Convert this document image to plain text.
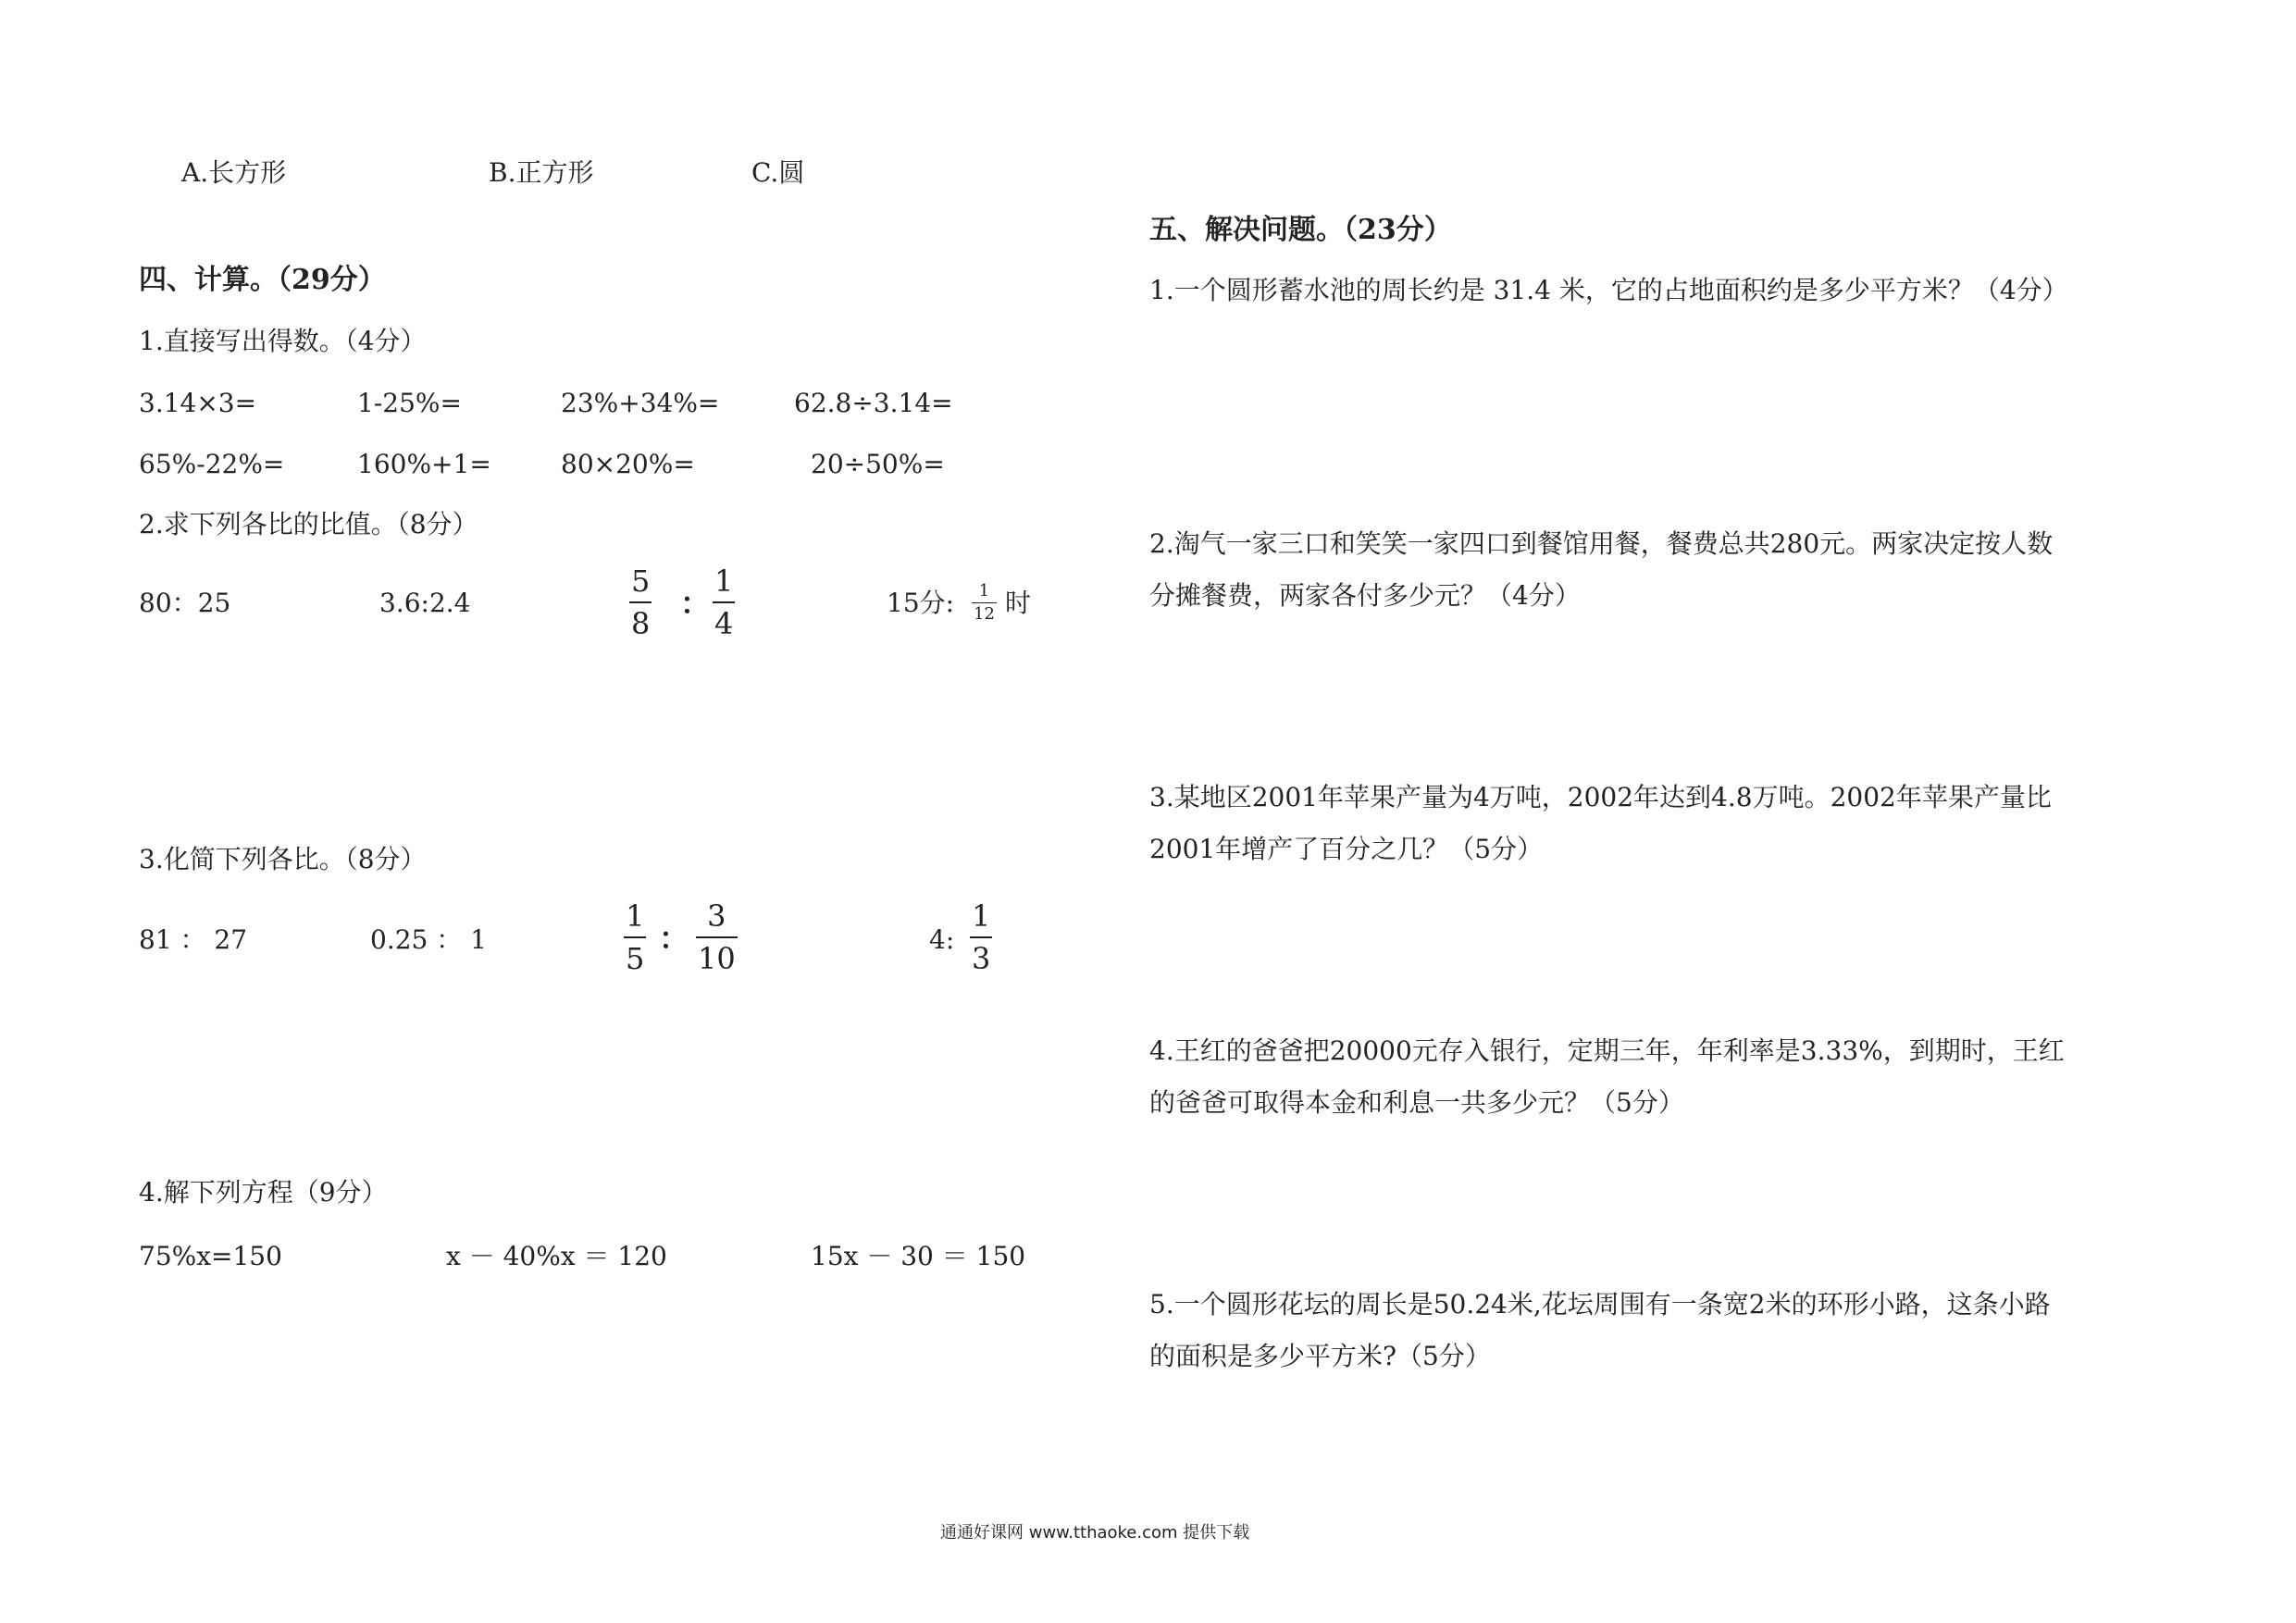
A.长方形	B.正方形	C.圆
四、计算。（29分）
1.直接写出得数。（4分）
3.14×3=	1-25%=	23%+34%=	62.8÷3.14=
65%-22%=	160%+1=	80×20%=	20÷50%=
2.求下列各比的比值。（8分）
80：25	3.6:2.4
5
8
：
1
4
15分: 1
12 时
3.化简下列各比。（8分）
81 ： 27	0.25 ： 1
1
5
：
3
10
4:
1
3
4.解下列方程（9分）
75%x=150	x － 40%x ＝ 120	15x － 30 ＝ 150
五、解决问题。（23分）
1.一个圆形蓄水池的周长约是 31.4 米，它的占地面积约是多少平方米？（4分）
2.淘气一家三口和笑笑一家四口到餐馆用餐，餐费总共280元。两家决定按人数分摊餐费，两家各付多少元？（4分）
3.某地区2001年苹果产量为4万吨，2002年达到4.8万吨。2002年苹果产量比2001年增产了百分之几？（5分）
4.王红的爸爸把20000元存入银行，定期三年，年利率是3.33%，到期时，王红的爸爸可取得本金和利息一共多少元？（5分）
5.一个圆形花坛的周长是50.24米,花坛周围有一条宽2米的环形小路，这条小路的面积是多少平方米?（5分）
通通好课网 www.tthaoke.com 提供下载
